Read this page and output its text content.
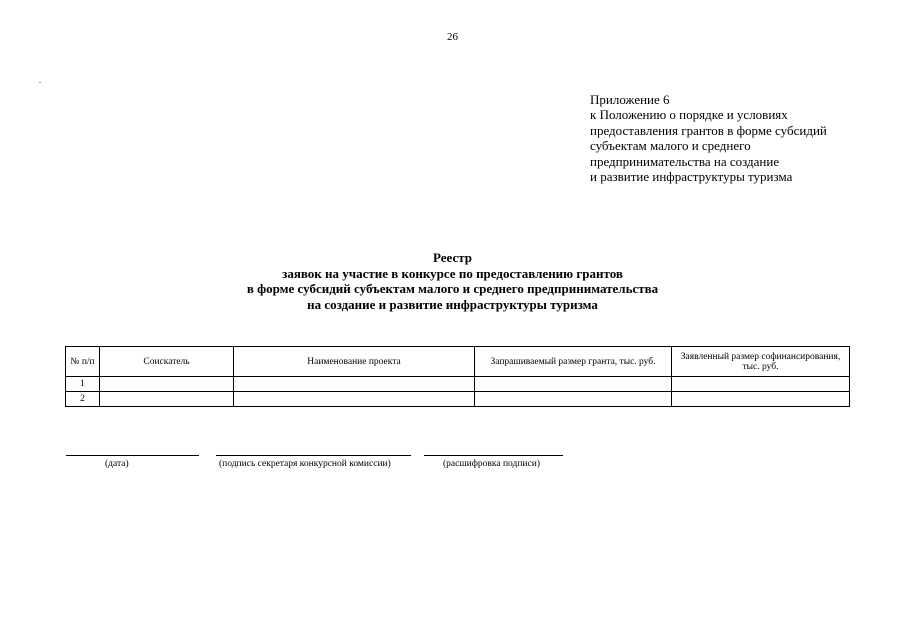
26
Приложение 6
к Положению о порядке и условиях
предоставления грантов в форме субсидий
субъектам малого и среднего
предпринимательства на создание
и развитие инфраструктуры туризма
Реестр
заявок на участие в конкурсе по предоставлению грантов
в форме субсидий субъектам малого и среднего предпринимательства
на создание и развитие инфраструктуры туризма
№ п/п	Соискатель	Наименование проекта	Запрашиваемый размер гранта, тыс. руб.	Заявленный размер софинансирования, тыс. руб.
1				
2				
(дата)	(подпись секретаря конкурсной комиссии)	(расшифровка подписи)
